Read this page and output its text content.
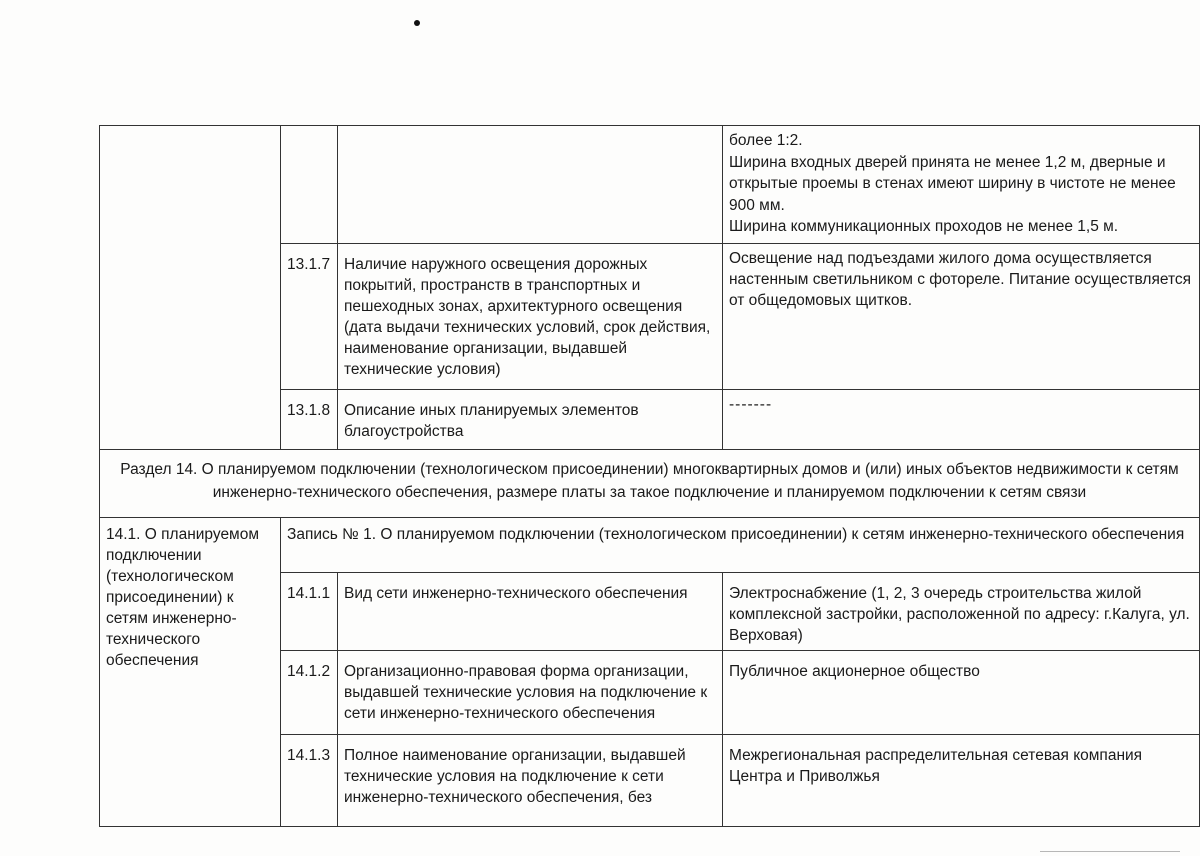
			более 1:2.
Ширина входных дверей принята не менее 1,2 м, дверные и открытые проемы в стенах имеют ширину в чистоте не менее 900 мм.
Ширина коммуникационных проходов не менее 1,5 м.

	13.1.7	Наличие наружного освещения дорожных покрытий, пространств в транспортных и пешеходных зонах, архитектурного освещения (дата выдачи технических условий, срок действия, наименование организации, выдавшей технические условия)	Освещение над подъездами жилого дома осуществляется настенным светильником с фотореле. Питание осуществляется от общедомовых щитков.
	13.1.8	Описание иных планируемых элементов благоустройства	-------
Раздел 14. О планируемом подключении (технологическом присоединении) многоквартирных домов и (или) иных объектов недвижимости к сетям инженерно-технического обеспечения, размере платы за такое подключение и планируемом подключении к сетям связи			
14.1. О планируемом подключении (технологическом присоединении) к сетям инженерно-технического обеспечения	Запись № 1. О планируемом подключении (технологическом присоединении) к сетям инженерно-технического обеспечения		
	14.1.1	Вид сети инженерно-технического обеспечения	Электроснабжение (1, 2, 3 очередь строительства жилой комплексной застройки, расположенной по адресу: г.Калуга, ул. Верховая)
	14.1.2	Организационно-правовая форма организации, выдавшей технические условия на подключение к сети инженерно-технического обеспечения	Публичное акционерное общество
	14.1.3	Полное наименование организации, выдавшей технические условия на подключение к сети инженерно-технического обеспечения, без	Межрегиональная распределительная сетевая компания Центра и Приволжья
